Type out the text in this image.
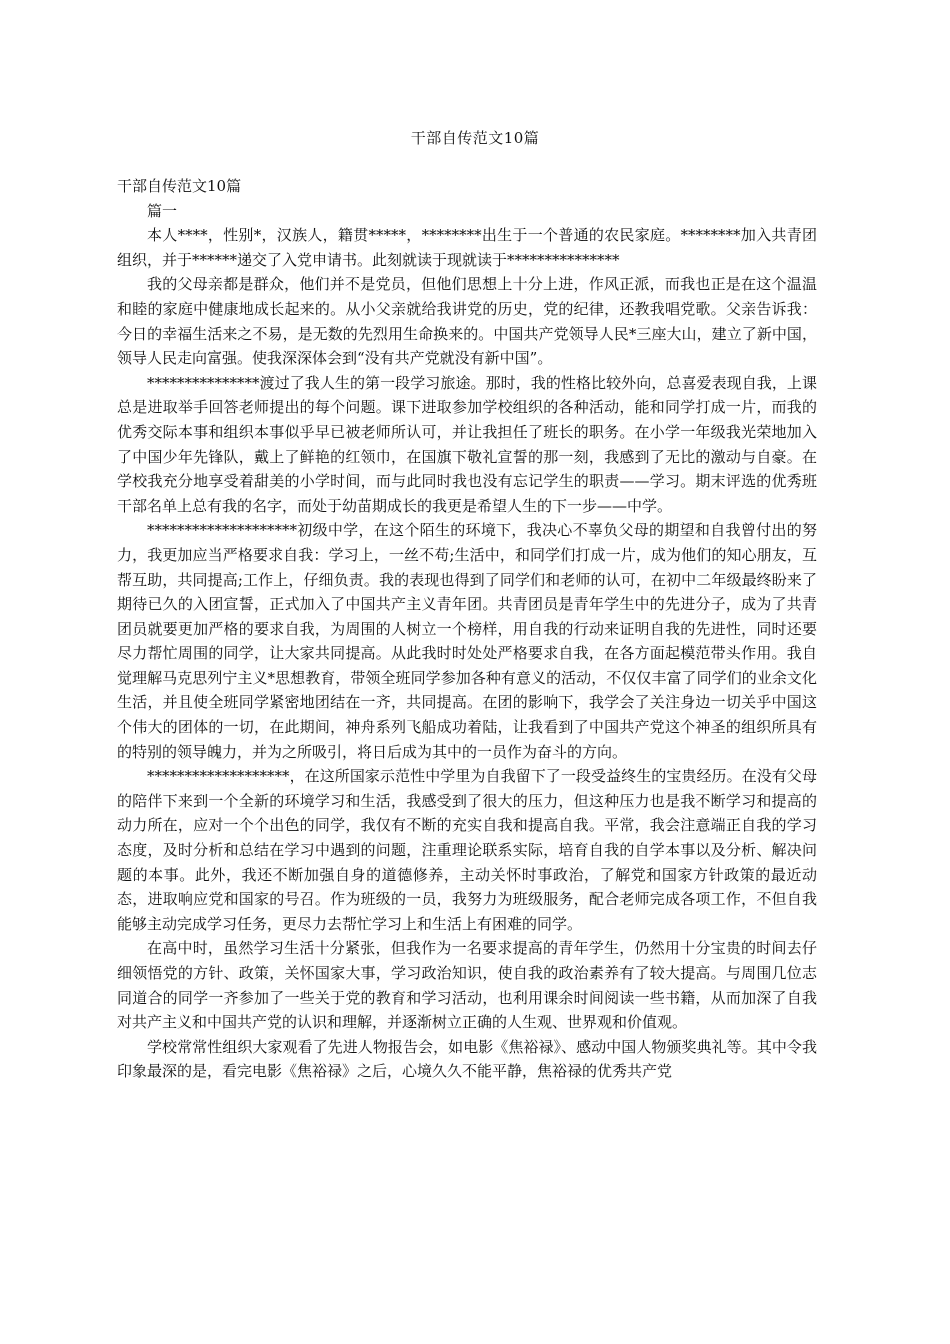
干部自传范文10篇

干部自传范文10篇

篇一

本人****，性别*，汉族人，籍贯*****，********出生于一个普通的农民家庭。********加入共青团组织，并于******递交了入党申请书。此刻就读于现就读于***************

我的父母亲都是群众，他们并不是党员，但他们思想上十分上进，作风正派，而我也正是在这个温温和睦的家庭中健康地成长起来的。从小父亲就给我讲党的历史，党的纪律，还教我唱党歌。父亲告诉我：今日的幸福生活来之不易，是无数的先烈用生命换来的。中国共产党领导人民*三座大山，建立了新中国，领导人民走向富强。使我深深体会到“没有共产党就没有新中国”。

***************渡过了我人生的第一段学习旅途。那时，我的性格比较外向，总喜爱表现自我，上课总是进取举手回答老师提出的每个问题。课下进取参加学校组织的各种活动，能和同学打成一片，而我的优秀交际本事和组织本事似乎早已被老师所认可，并让我担任了班长的职务。在小学一年级我光荣地加入了中国少年先锋队，戴上了鲜艳的红领巾，在国旗下敬礼宣誓的那一刻，我感到了无比的激动与自豪。在学校我充分地享受着甜美的小学时间，而与此同时我也没有忘记学生的职责——学习。期末评选的优秀班干部名单上总有我的名字，而处于幼苗期成长的我更是希望人生的下一步——中学。

********************初级中学，在这个陌生的环境下，我决心不辜负父母的期望和自我曾付出的努力，我更加应当严格要求自我：学习上，一丝不苟;生活中，和同学们打成一片，成为他们的知心朋友，互帮互助，共同提高;工作上，仔细负责。我的表现也得到了同学们和老师的认可，在初中二年级最终盼来了期待已久的入团宣誓，正式加入了中国共产主义青年团。共青团员是青年学生中的先进分子，成为了共青团员就要更加严格的要求自我，为周围的人树立一个榜样，用自我的行动来证明自我的先进性，同时还要尽力帮忙周围的同学，让大家共同提高。从此我时时处处严格要求自我，在各方面起模范带头作用。我自觉理解马克思列宁主义*思想教育，带领全班同学参加各种有意义的活动，不仅仅丰富了同学们的业余文化生活，并且使全班同学紧密地团结在一齐，共同提高。在团的影响下，我学会了关注身边一切关乎中国这个伟大的团体的一切，在此期间，神舟系列飞船成功着陆，让我看到了中国共产党这个神圣的组织所具有的特别的领导魄力，并为之所吸引，将日后成为其中的一员作为奋斗的方向。

*******************，在这所国家示范性中学里为自我留下了一段受益终生的宝贵经历。在没有父母的陪伴下来到一个全新的环境学习和生活，我感受到了很大的压力，但这种压力也是我不断学习和提高的动力所在，应对一个个出色的同学，我仅有不断的充实自我和提高自我。平常，我会注意端正自我的学习态度，及时分析和总结在学习中遇到的问题，注重理论联系实际，培育自我的自学本事以及分析、解决问题的本事。此外，我还不断加强自身的道德修养，主动关怀时事政治，了解党和国家方针政策的最近动态，进取响应党和国家的号召。作为班级的一员，我努力为班级服务，配合老师完成各项工作，不但自我能够主动完成学习任务，更尽力去帮忙学习上和生活上有困难的同学。

在高中时，虽然学习生活十分紧张，但我作为一名要求提高的青年学生，仍然用十分宝贵的时间去仔细领悟党的方针、政策，关怀国家大事，学习政治知识，使自我的政治素养有了较大提高。与周围几位志同道合的同学一齐参加了一些关于党的教育和学习活动，也利用课余时间阅读一些书籍，从而加深了自我对共产主义和中国共产党的认识和理解，并逐渐树立正确的人生观、世界观和价值观。

学校常常性组织大家观看了先进人物报告会，如电影《焦裕禄》、感动中国人物颁奖典礼等。其中令我印象最深的是，看完电影《焦裕禄》之后，心境久久不能平静，焦裕禄的优秀共产党
